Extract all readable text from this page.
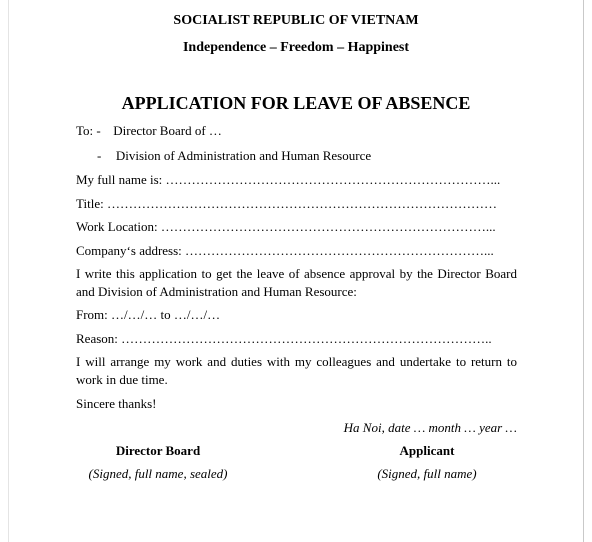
SOCIALIST REPUBLIC OF VIETNAM
Independence – Freedom – Happinest
APPLICATION FOR LEAVE OF ABSENCE
To: - Director Board of …
- Division of Administration and Human Resource
My full name is: …………………………………………………………………...
Title: ………………………………………………………………………………
Work Location: …………………………………………………………………...
Company‘s address: ……………………………………………………………...
I write this application to get the leave of absence approval by the Director Board and Division of Administration and Human Resource:
From: …/…/… to …/…/…
Reason: …………………………………………………………………………..
I will arrange my work and duties with my colleagues and undertake to return to work in due time.
Sincere thanks!
Ha Noi, date … month … year …
Director Board	Applicant
(Signed, full name, sealed)	(Signed, full name)
